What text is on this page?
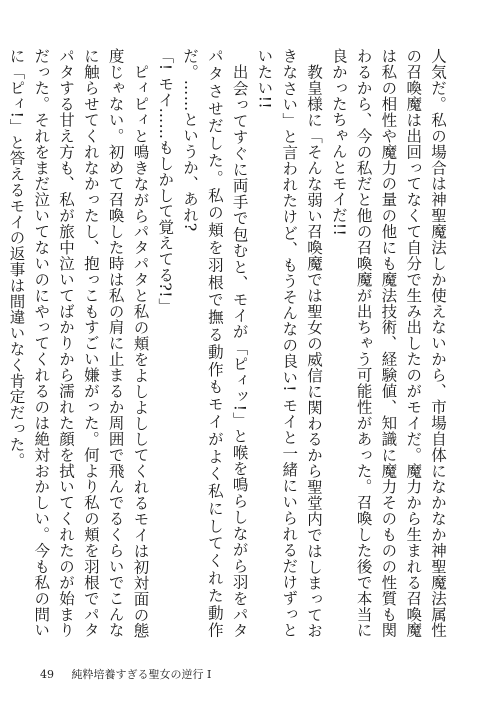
人気だ。私の場合は神聖魔法しか使えないから、市場自体になかなか神聖魔法属性の召喚魔は出回ってなくて自分で生み出したのがモイだ。魔力から生まれる召喚魔は私の相性や魔力の量の他にも魔法技術、経験値、知識に魔力そのものの性質も関わるから、今の私だと他の召喚魔が出ちゃう可能性があった。召喚した後で本当に良かったちゃんとモイだ!!

教皇様に「そんな弱い召喚魔では聖女の威信に関わるから聖堂内ではしまっておきなさい」と言われたけど、もうそんなの良い! モイと一緒にいられるだけずっといたい!!

出会ってすぐに両手で包むと、モイが「ピィッ!」と喉を鳴らしながら羽をパタパタさせだした。私の頬を羽根で撫る動作もモイがよく私にしてくれた動作だ。……というか、あれ?

「! モイ……もしかして覚えてる?!」

ピィピィと鳴きながらパタパタと私の頬をよしよししてくれるモイは初対面の態度じゃない。初めて召喚した時は私の肩に止まるか周囲で飛んでるくらいでこんなに触らせてくれなかったし、抱っこもすごい嫌がった。何より私の頬を羽根でパタパタする甘え方も、私が旅中泣いてばかりから濡れた顔を拭いてくれたのが始まりだった。それをまだ泣いてないのにやってくれるのは絶対おかしい。今も私の問いに「ピィ!」と答えるモイの返事は間違いなく肯定だった。

49 純粋培養すぎる聖女の逆行 I
